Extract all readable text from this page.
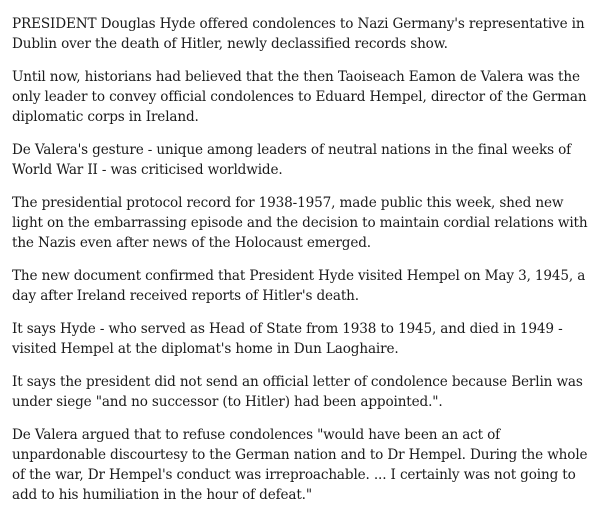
PRESIDENT Douglas Hyde offered condolences to Nazi Germany's representative in Dublin over the death of Hitler, newly declassified records show.

Until now, historians had believed that the then Taoiseach Eamon de Valera was the only leader to convey official condolences to Eduard Hempel, director of the German diplomatic corps in Ireland.

De Valera's gesture - unique among leaders of neutral nations in the final weeks of World War II - was criticised worldwide.

The presidential protocol record for 1938-1957, made public this week, shed new light on the embarrassing episode and the decision to maintain cordial relations with the Nazis even after news of the Holocaust emerged.

The new document confirmed that President Hyde visited Hempel on May 3, 1945, a day after Ireland received reports of Hitler's death.

It says Hyde - who served as Head of State from 1938 to 1945, and died in 1949 - visited Hempel at the diplomat's home in Dun Laoghaire.

It says the president did not send an official letter of condolence because Berlin was under siege "and no successor (to Hitler) had been appointed.".

De Valera argued that to refuse condolences "would have been an act of unpardonable discourtesy to the German nation and to Dr Hempel. During the whole of the war, Dr Hempel's conduct was irreproachable. ... I certainly was not going to add to his humiliation in the hour of defeat."
